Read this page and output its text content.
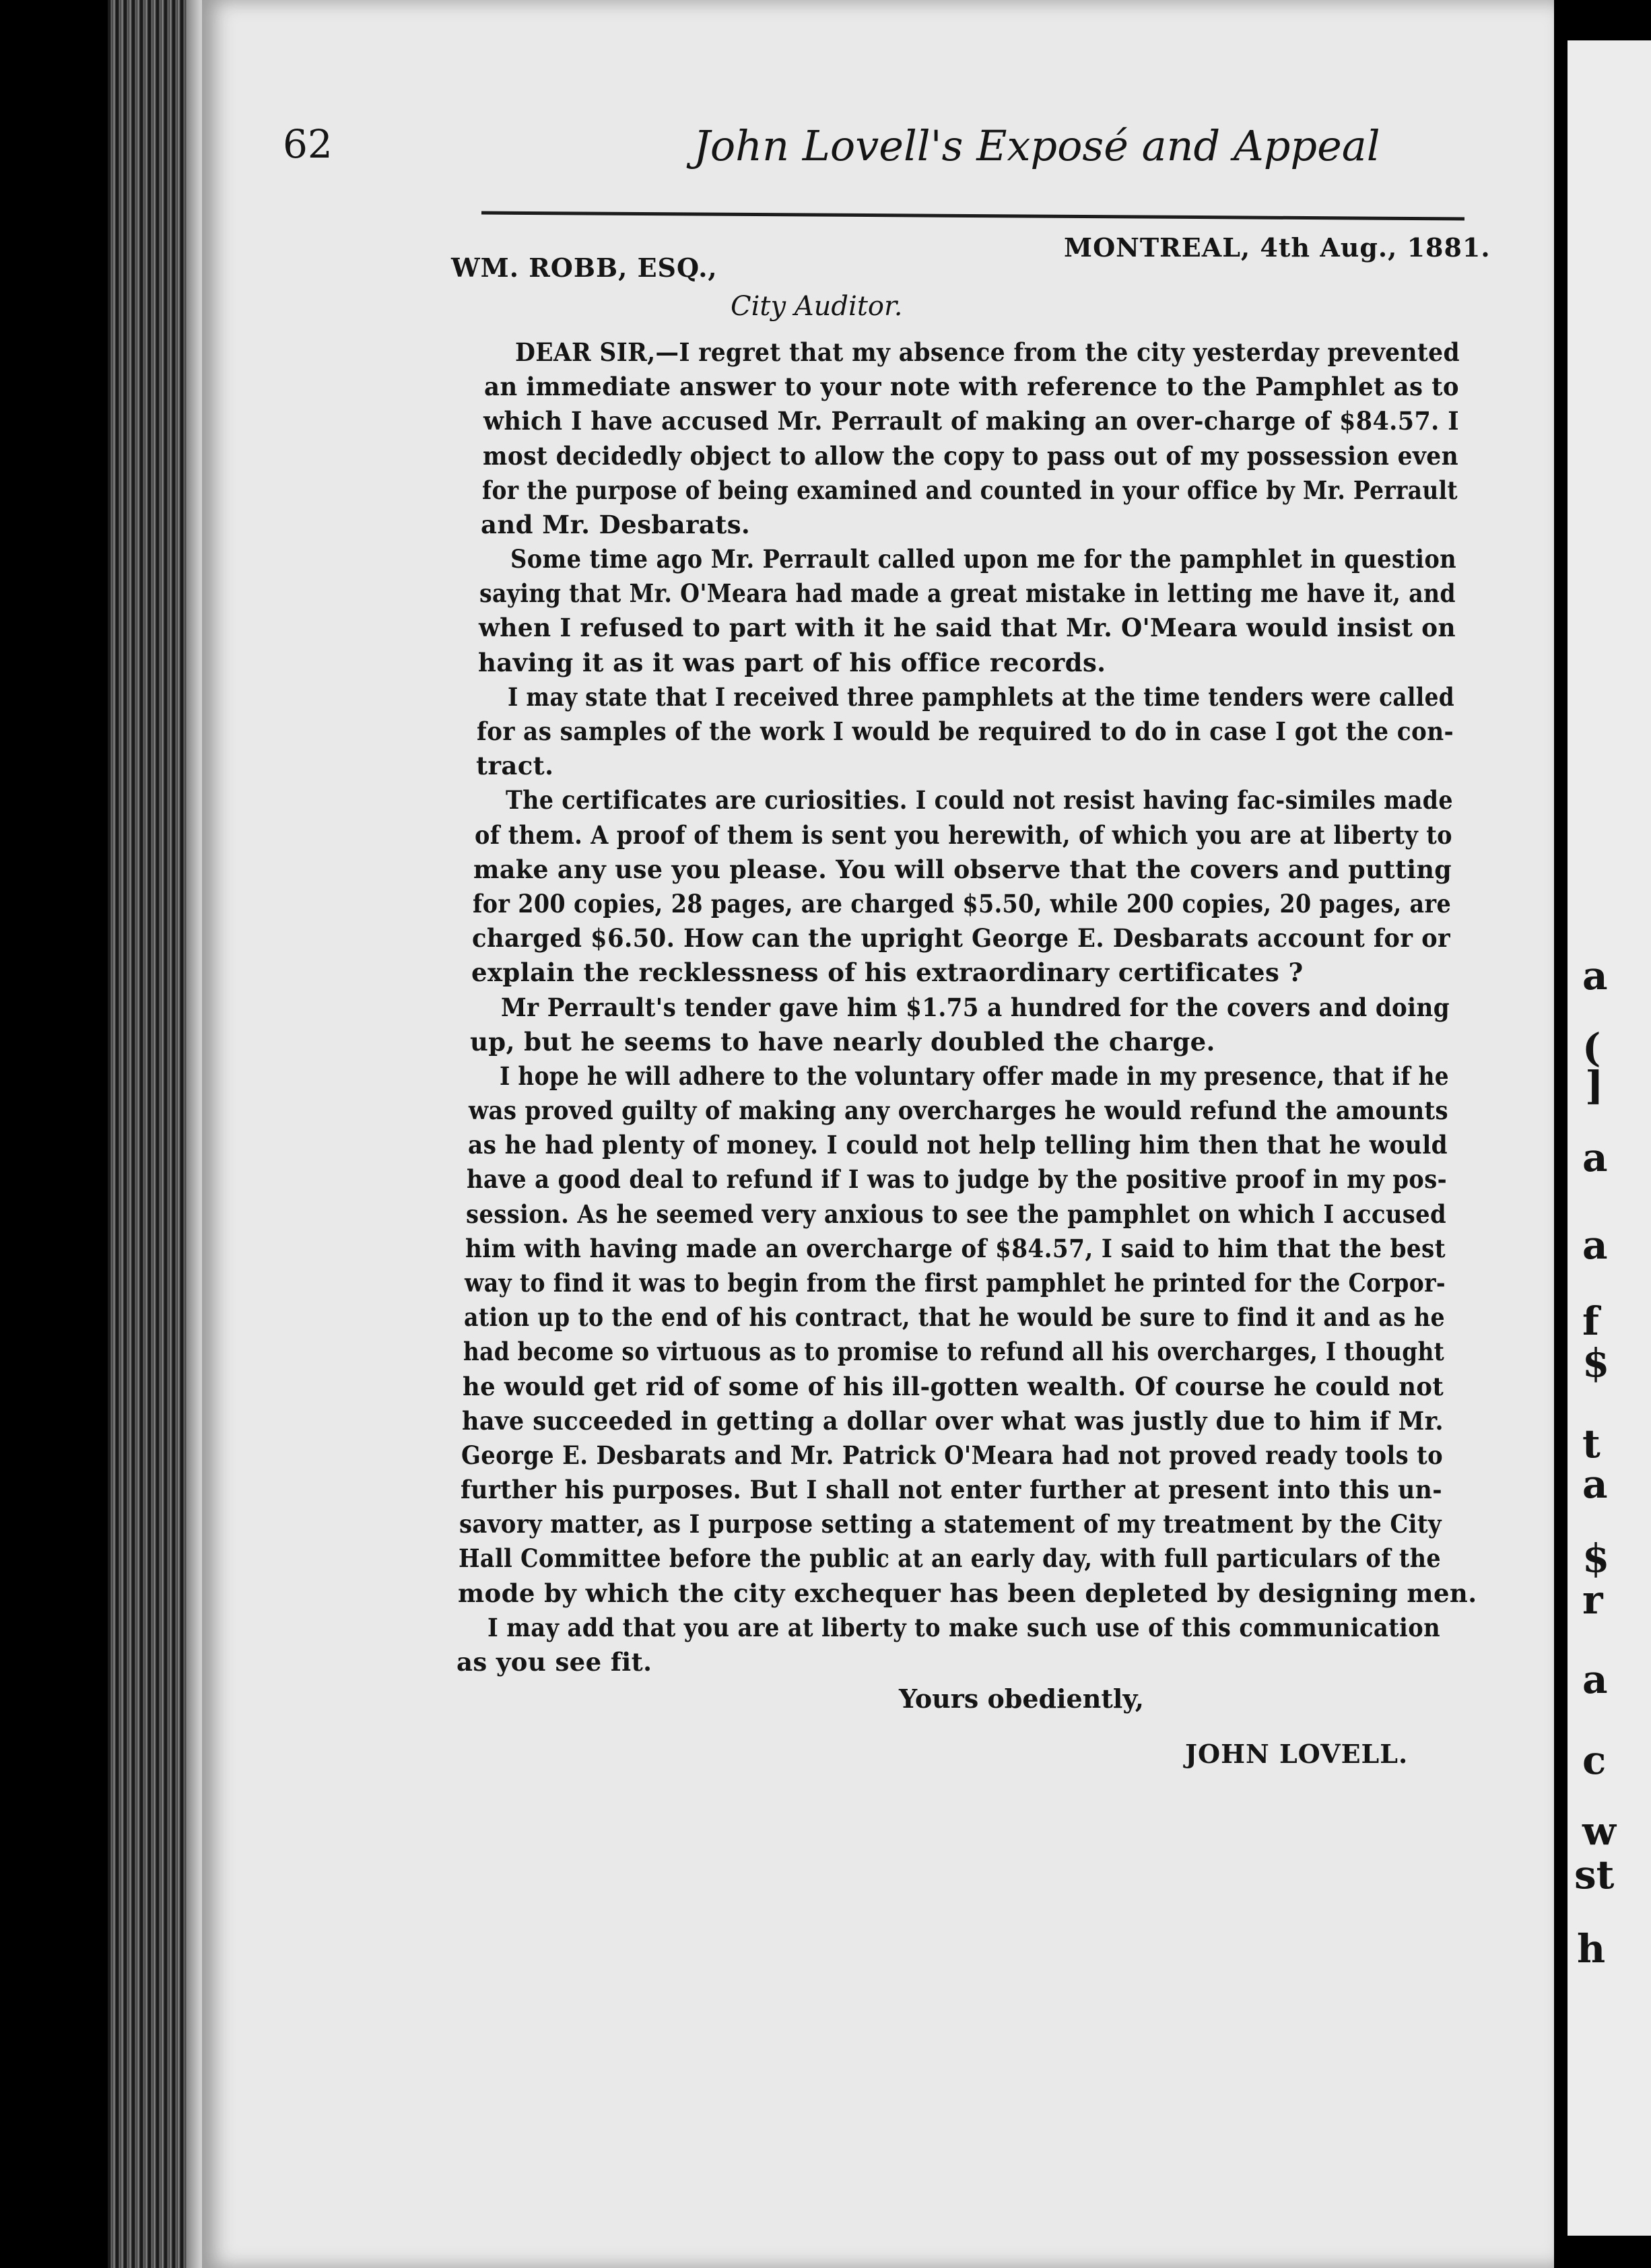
a
(
]
a
a
f
$
t
a
$
r
a
c
w
st
h
62	John Lovell's Exposé and Appeal
MONTREAL, 4th Aug., 1881.
WM. ROBB, ESQ.,
City Auditor.
DEAR SIR,—I regret that my absence from the city yesterday prevented
an immediate answer to your note with reference to the Pamphlet as to
which I have accused Mr. Perrault of making an over-charge of $84.57. I
most decidedly object to allow the copy to pass out of my possession even
for the purpose of being examined and counted in your office by Mr. Perrault
and Mr. Desbarats.
Some time ago Mr. Perrault called upon me for the pamphlet in question
saying that Mr. O'Meara had made a great mistake in letting me have it, and
when I refused to part with it he said that Mr. O'Meara would insist on
having it as it was part of his office records.
I may state that I received three pamphlets at the time tenders were called
for as samples of the work I would be required to do in case I got the con-
tract.
The certificates are curiosities. I could not resist having fac-similes made
of them. A proof of them is sent you herewith, of which you are at liberty to
make any use you please. You will observe that the covers and putting
for 200 copies, 28 pages, are charged $5.50, while 200 copies, 20 pages, are
charged $6.50. How can the upright George E. Desbarats account for or
explain the recklessness of his extraordinary certificates ?
Mr Perrault's tender gave him $1.75 a hundred for the covers and doing
up, but he seems to have nearly doubled the charge.
I hope he will adhere to the voluntary offer made in my presence, that if he
was proved guilty of making any overcharges he would refund the amounts
as he had plenty of money. I could not help telling him then that he would
have a good deal to refund if I was to judge by the positive proof in my pos-
session. As he seemed very anxious to see the pamphlet on which I accused
him with having made an overcharge of $84.57, I said to him that the best
way to find it was to begin from the first pamphlet he printed for the Corpor-
ation up to the end of his contract, that he would be sure to find it and as he
had become so virtuous as to promise to refund all his overcharges, I thought
he would get rid of some of his ill-gotten wealth. Of course he could not
have succeeded in getting a dollar over what was justly due to him if Mr.
George E. Desbarats and Mr. Patrick O'Meara had not proved ready tools to
further his purposes. But I shall not enter further at present into this un-
savory matter, as I purpose setting a statement of my treatment by the City
Hall Committee before the public at an early day, with full particulars of the
mode by which the city exchequer has been depleted by designing men.
I may add that you are at liberty to make such use of this communication
as you see fit.
Yours obediently,
JOHN LOVELL.
